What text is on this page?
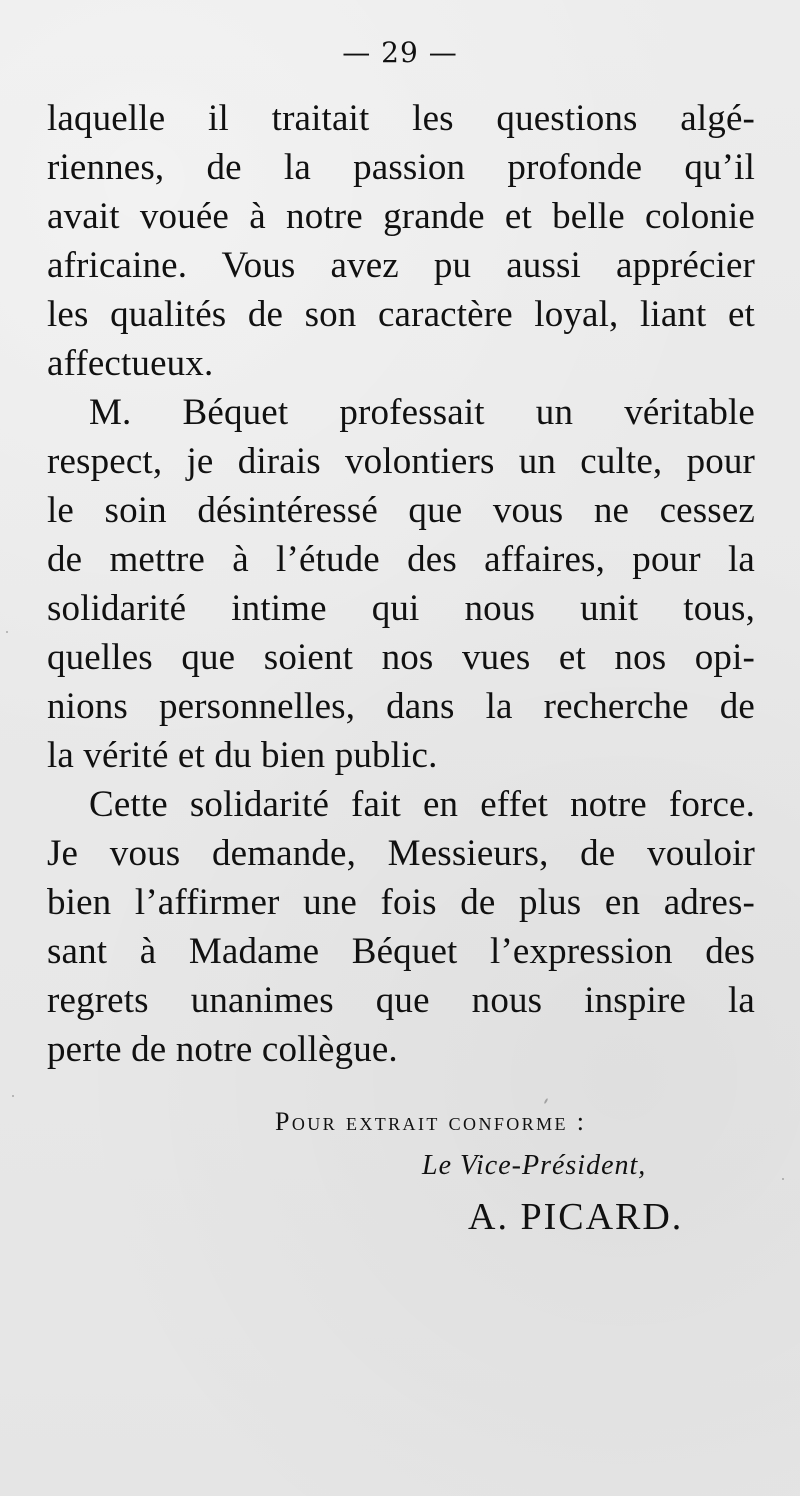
— 29 —
laquelle il traitait les questions algé-
riennes, de la passion profonde qu’il
avait vouée à notre grande et belle colonie
africaine. Vous avez pu aussi apprécier
les qualités de son caractère loyal, liant et
affectueux.
M. Béquet professait un véritable
respect, je dirais volontiers un culte, pour
le soin désintéressé que vous ne cessez
de mettre à l’étude des affaires, pour la
solidarité intime qui nous unit tous,
quelles que soient nos vues et nos opi-
nions personnelles, dans la recherche de
la vérité et du bien public.
Cette solidarité fait en effet notre force.
Je vous demande, Messieurs, de vouloir
bien l’affirmer une fois de plus en adres-
sant à Madame Béquet l’expression des
regrets unanimes que nous inspire la
perte de notre collègue.
Pour extrait conforme :
Le Vice-Président,
A. PICARD.
